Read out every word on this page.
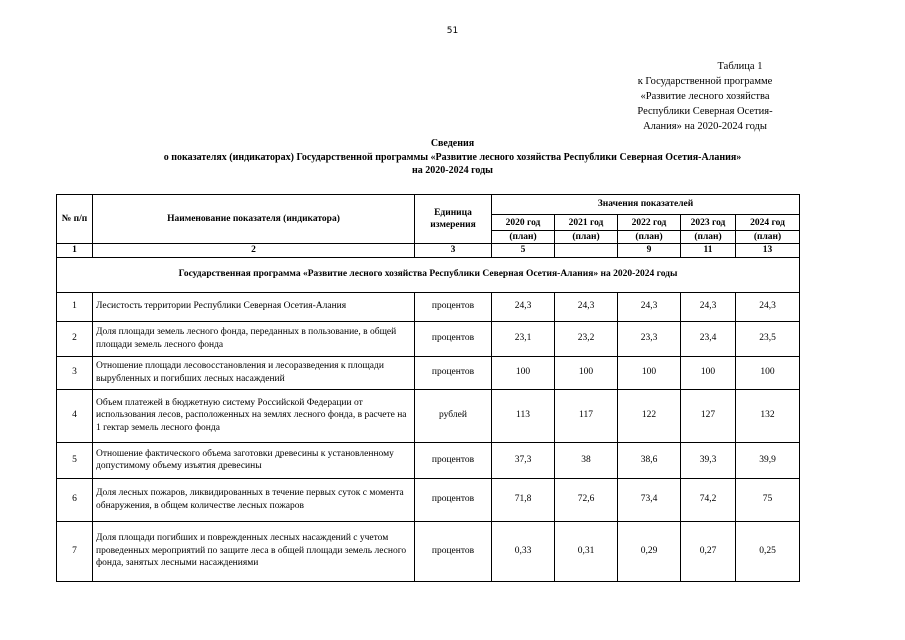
51
Таблица 1
к Государственной программе
«Развитие лесного хозяйства
Республики Северная Осетия-
Алания» на 2020-2024 годы
Сведения
о показателях (индикаторах) Государственной программы «Развитие лесного хозяйства Республики Северная Осетия-Алания»
на 2020-2024 годы
№ п/п	Наименование показателя (индикатора)	Единица измерения	Значения показателей				
			2020 год	2021 год	2022 год	2023 год	2024 год
			(план)	(план)	(план)	(план)	(план)
1	2	3	5		9	11	13
Государственная программа «Развитие лесного хозяйства Республики Северная Осетия-Алания» на 2020-2024 годы							
1	Лесистость территории Республики Северная Осетия-Алания	процентов	24,3	24,3	24,3	24,3	24,3
2	Доля площади земель лесного фонда, переданных в пользование, в общей площади земель лесного фонда	процентов	23,1	23,2	23,3	23,4	23,5
3	Отношение площади лесовосстановления и лесоразведения к площади вырубленных и погибших лесных насаждений	процентов	100	100	100	100	100
4	Объем платежей в бюджетную систему Российской Федерации от использования лесов, расположенных на землях лесного фонда, в расчете на 1 гектар земель лесного фонда	рублей	113	117	122	127	132
5	Отношение фактического объема заготовки древесины к установленному допустимому объему изъятия древесины	процентов	37,3	38	38,6	39,3	39,9
6	Доля лесных пожаров, ликвидированных в течение первых суток с момента обнаружения, в общем количестве лесных пожаров	процентов	71,8	72,6	73,4	74,2	75
7	Доля площади погибших и поврежденных лесных насаждений с учетом проведенных мероприятий по защите леса в общей площади земель лесного фонда, занятых лесными насаждениями	процентов	0,33	0,31	0,29	0,27	0,25
